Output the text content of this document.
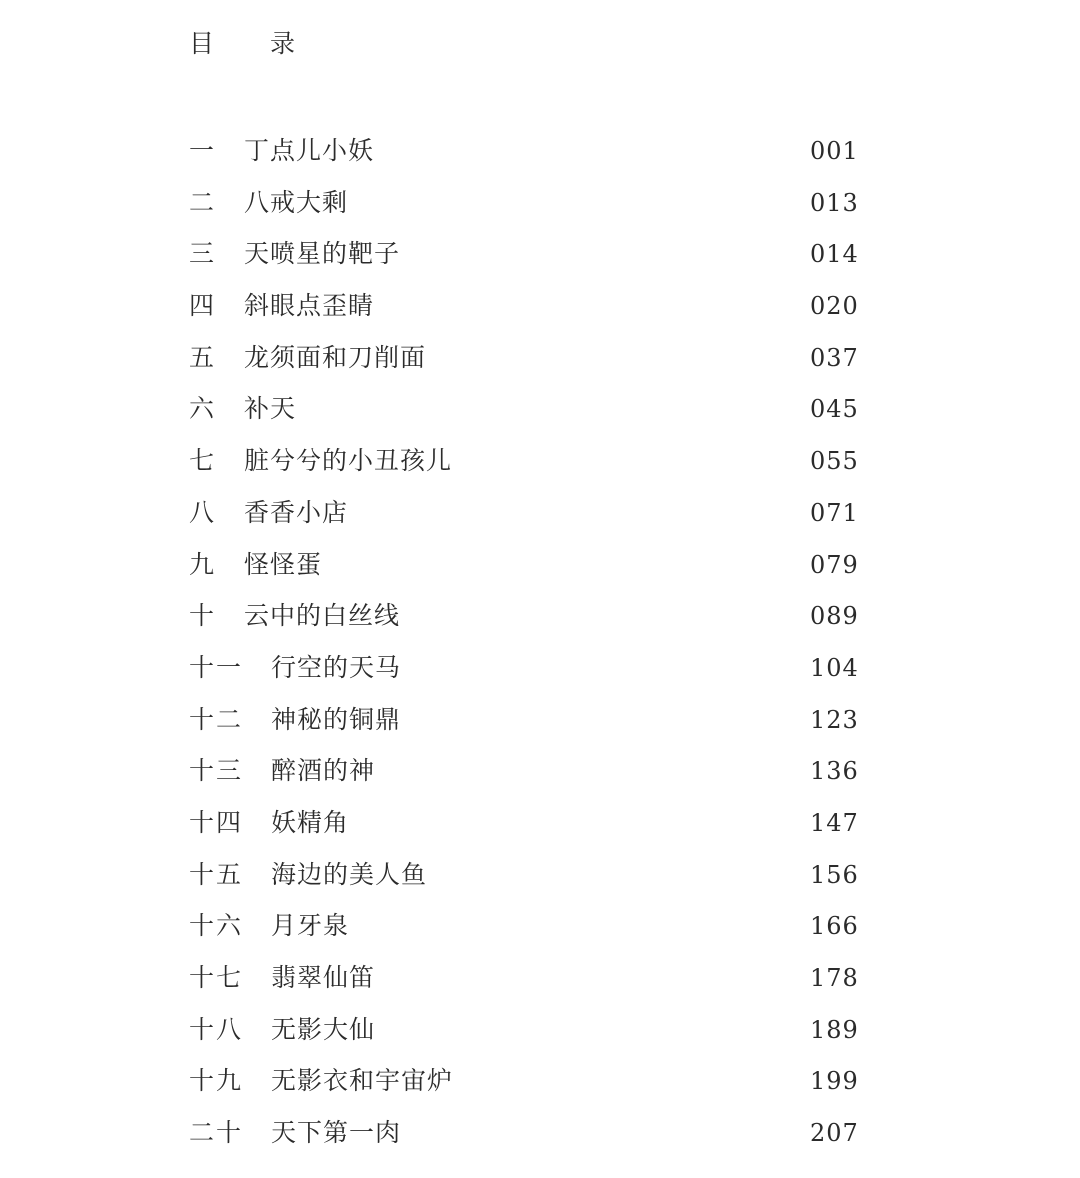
目 录
一 丁点儿小妖	001
二 八戒大剩	013
三 天喷星的靶子	014
四 斜眼点歪睛	020
五 龙须面和刀削面	037
六 补天	045
七 脏兮兮的小丑孩儿	055
八 香香小店	071
九 怪怪蛋	079
十 云中的白丝线	089
十一 行空的天马	104
十二 神秘的铜鼎	123
十三 醉酒的神	136
十四 妖精角	147
十五 海边的美人鱼	156
十六 月牙泉	166
十七 翡翠仙笛	178
十八 无影大仙	189
十九 无影衣和宇宙炉	199
二十 天下第一肉	207
